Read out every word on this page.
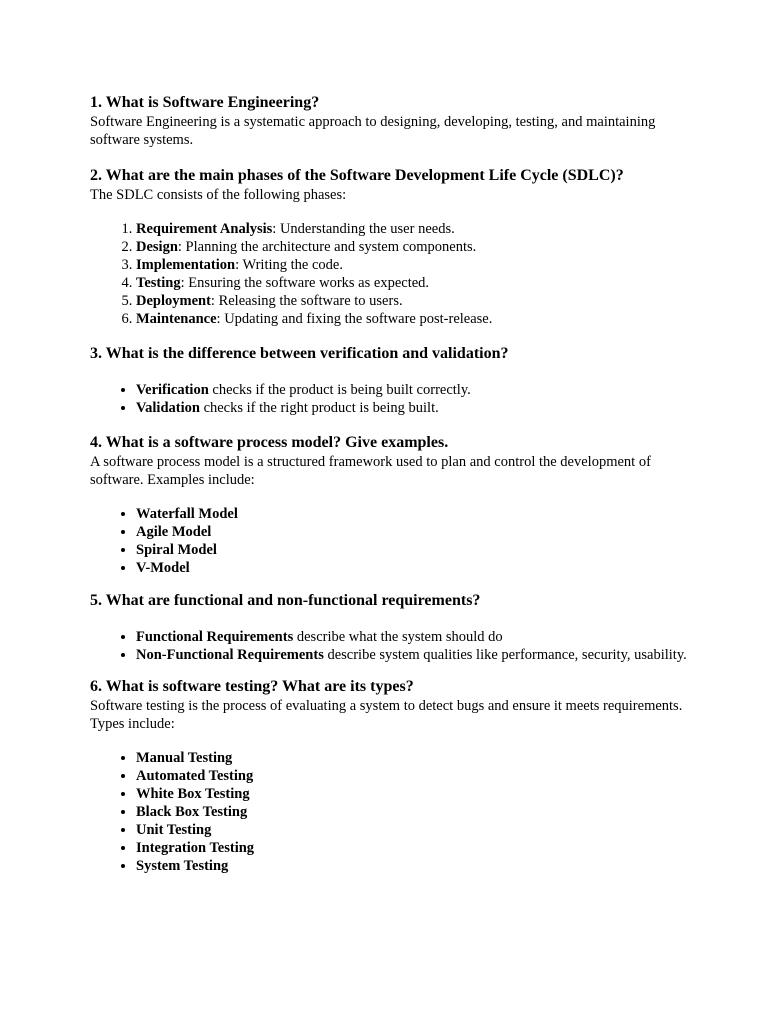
1. What is Software Engineering?

Software Engineering is a systematic approach to designing, developing, testing, and maintaining software systems.

2. What are the main phases of the Software Development Life Cycle (SDLC)?

The SDLC consists of the following phases:

1. Requirement Analysis: Understanding the user needs.
2. Design: Planning the architecture and system components.
3. Implementation: Writing the code.
4. Testing: Ensuring the software works as expected.
5. Deployment: Releasing the software to users.
6. Maintenance: Updating and fixing the software post-release.
3. What is the difference between verification and validation?
• Verification checks if the product is being built correctly.
• Validation checks if the right product is being built.
4. What is a software process model? Give examples.

A software process model is a structured framework used to plan and control the development of software. Examples include:

• Waterfall Model
• Agile Model
• Spiral Model
• V-Model
5. What are functional and non-functional requirements?
• Functional Requirements describe what the system should do
• Non-Functional Requirements describe system qualities like performance, security, usability.
6. What is software testing? What are its types?

Software testing is the process of evaluating a system to detect bugs and ensure it meets requirements. Types include:

• Manual Testing
• Automated Testing
• White Box Testing
• Black Box Testing
• Unit Testing
• Integration Testing
• System Testing
